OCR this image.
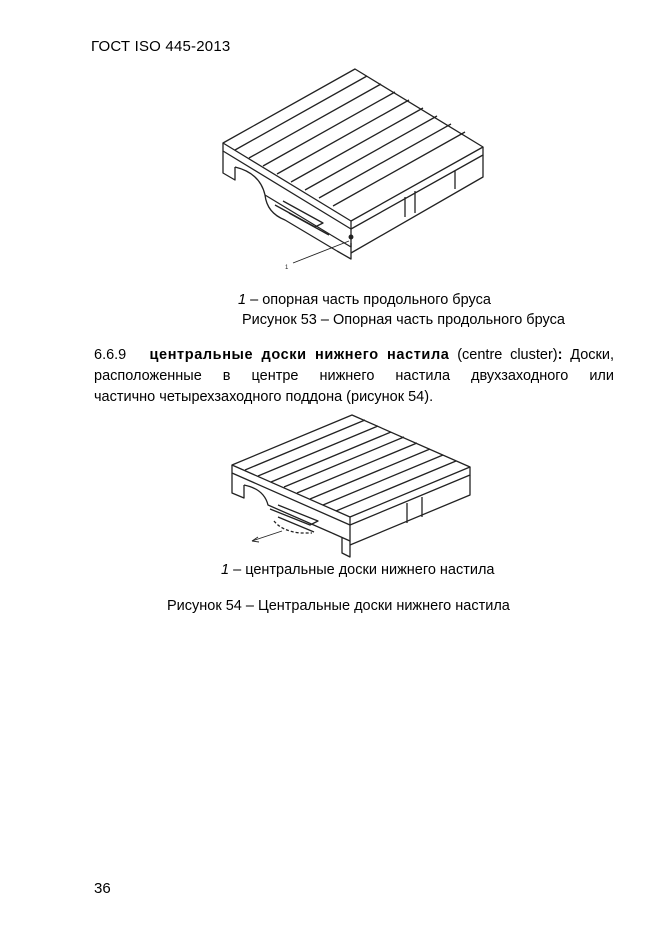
ГОСТ ISO 445-2013
1
1 – опорная часть продольного бруса
Рисунок 53 – Опорная часть продольного бруса
6.6.9 центральные доски нижнего настила (centre cluster): Доски,
расположенные в центре нижнего настила двухзаходного или
частично четырехзаходного поддона (рисунок 54).
1 – центральные доски нижнего настила
Рисунок 54 – Центральные доски нижнего настила
36
